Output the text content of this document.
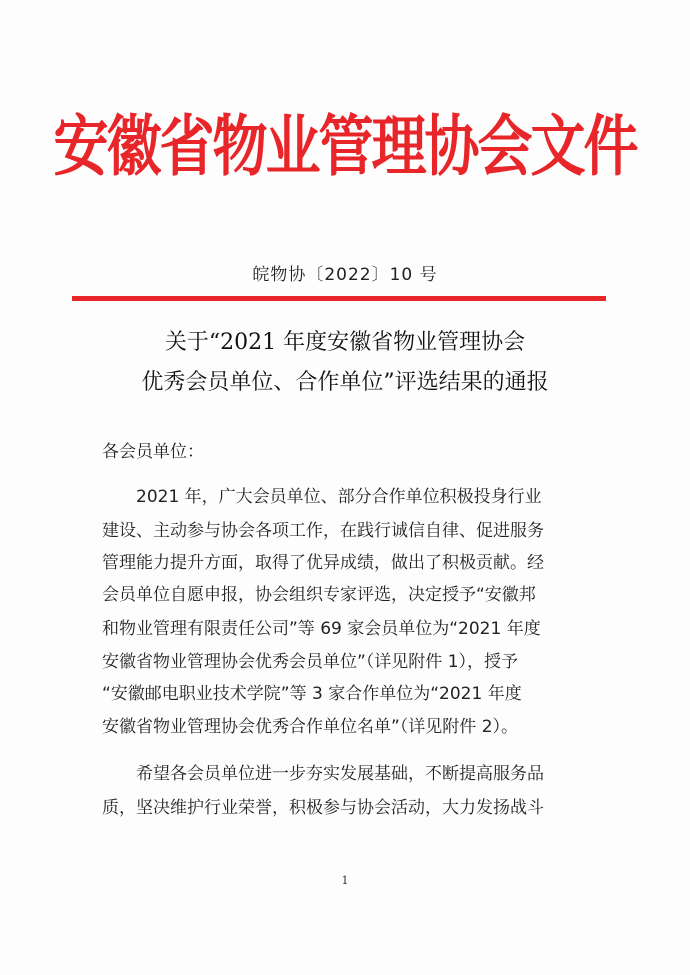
安徽省物业管理协会文件
皖物协〔2022〕10 号
关于“2021 年度安徽省物业管理协会
优秀会员单位、合作单位”评选结果的通报
各会员单位：
2021 年，广大会员单位、部分合作单位积极投身行业
建设、主动参与协会各项工作，在践行诚信自律、促进服务
管理能力提升方面，取得了优异成绩，做出了积极贡献。经
会员单位自愿申报，协会组织专家评选，决定授予“安徽邦
和物业管理有限责任公司”等 69 家会员单位为“2021 年度
安徽省物业管理协会优秀会员单位”（详见附件 1），授予
“安徽邮电职业技术学院”等 3 家合作单位为“2021 年度
安徽省物业管理协会优秀合作单位名单”（详见附件 2）。
希望各会员单位进一步夯实发展基础，不断提高服务品
质，坚决维护行业荣誉，积极参与协会活动，大力发扬战斗
1
